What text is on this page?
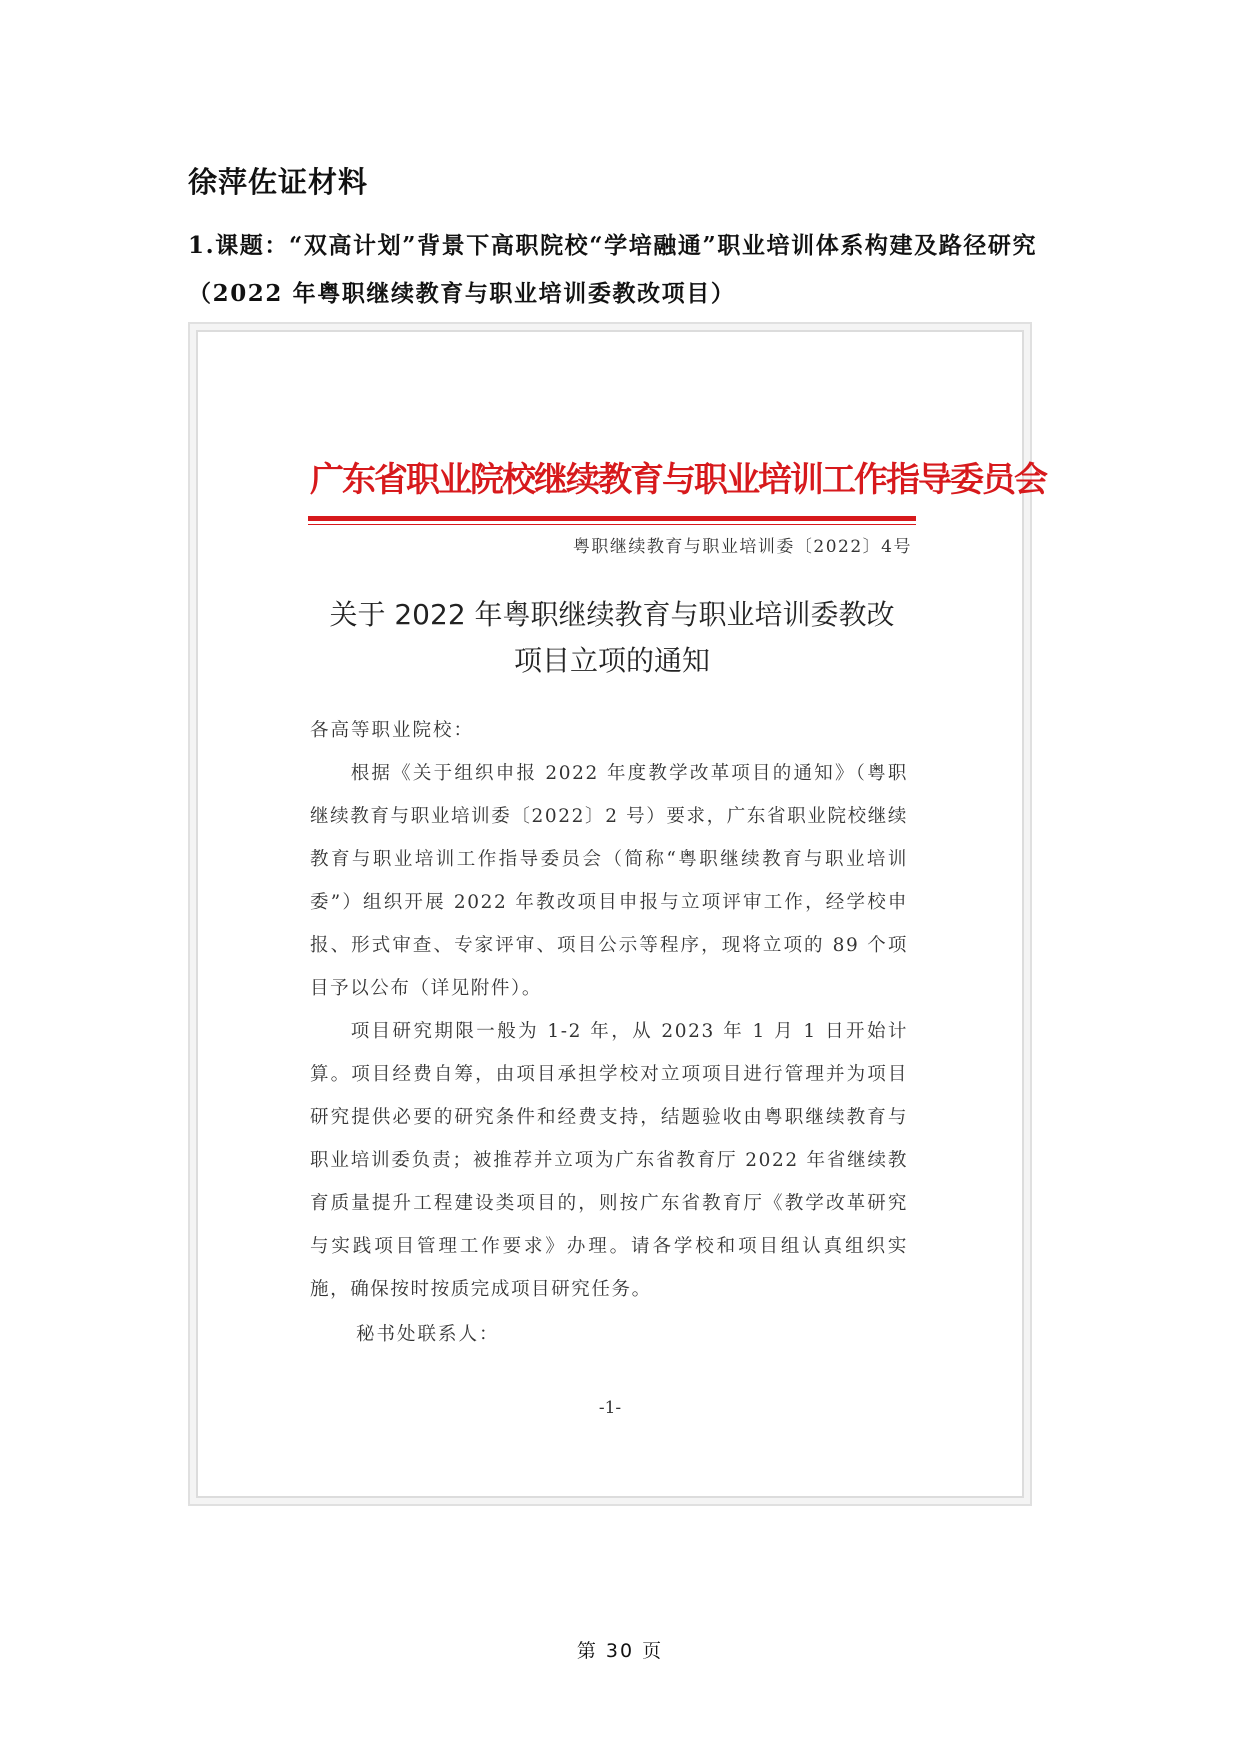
徐萍佐证材料

1.课题：“双高计划”背景下高职院校“学培融通”职业培训体系构建及路径研究（2022 年粤职继续教育与职业培训委教改项目）

广东省职业院校继续教育与职业培训工作指导委员会
粤职继续教育与职业培训委〔2022〕4号
关于 2022 年粤职继续教育与职业培训委教改
项目立项的通知
各高等职业院校：

根据《关于组织申报 2022 年度教学改革项目的通知》（粤职继续教育与职业培训委〔2022〕2 号）要求，广东省职业院校继续教育与职业培训工作指导委员会（简称“粤职继续教育与职业培训委”）组织开展 2022 年教改项目申报与立项评审工作，经学校申报、形式审查、专家评审、项目公示等程序，现将立项的 89 个项目予以公布（详见附件）。

项目研究期限一般为 1-2 年，从 2023 年 1 月 1 日开始计算。项目经费自筹，由项目承担学校对立项项目进行管理并为项目研究提供必要的研究条件和经费支持，结题验收由粤职继续教育与职业培训委负责；被推荐并立项为广东省教育厅 2022 年省继续教育质量提升工程建设类项目的，则按广东省教育厅《教学改革研究与实践项目管理工作要求》办理。请各学校和项目组认真组织实施，确保按时按质完成项目研究任务。

秘书处联系人：
-1-
第 30 页
